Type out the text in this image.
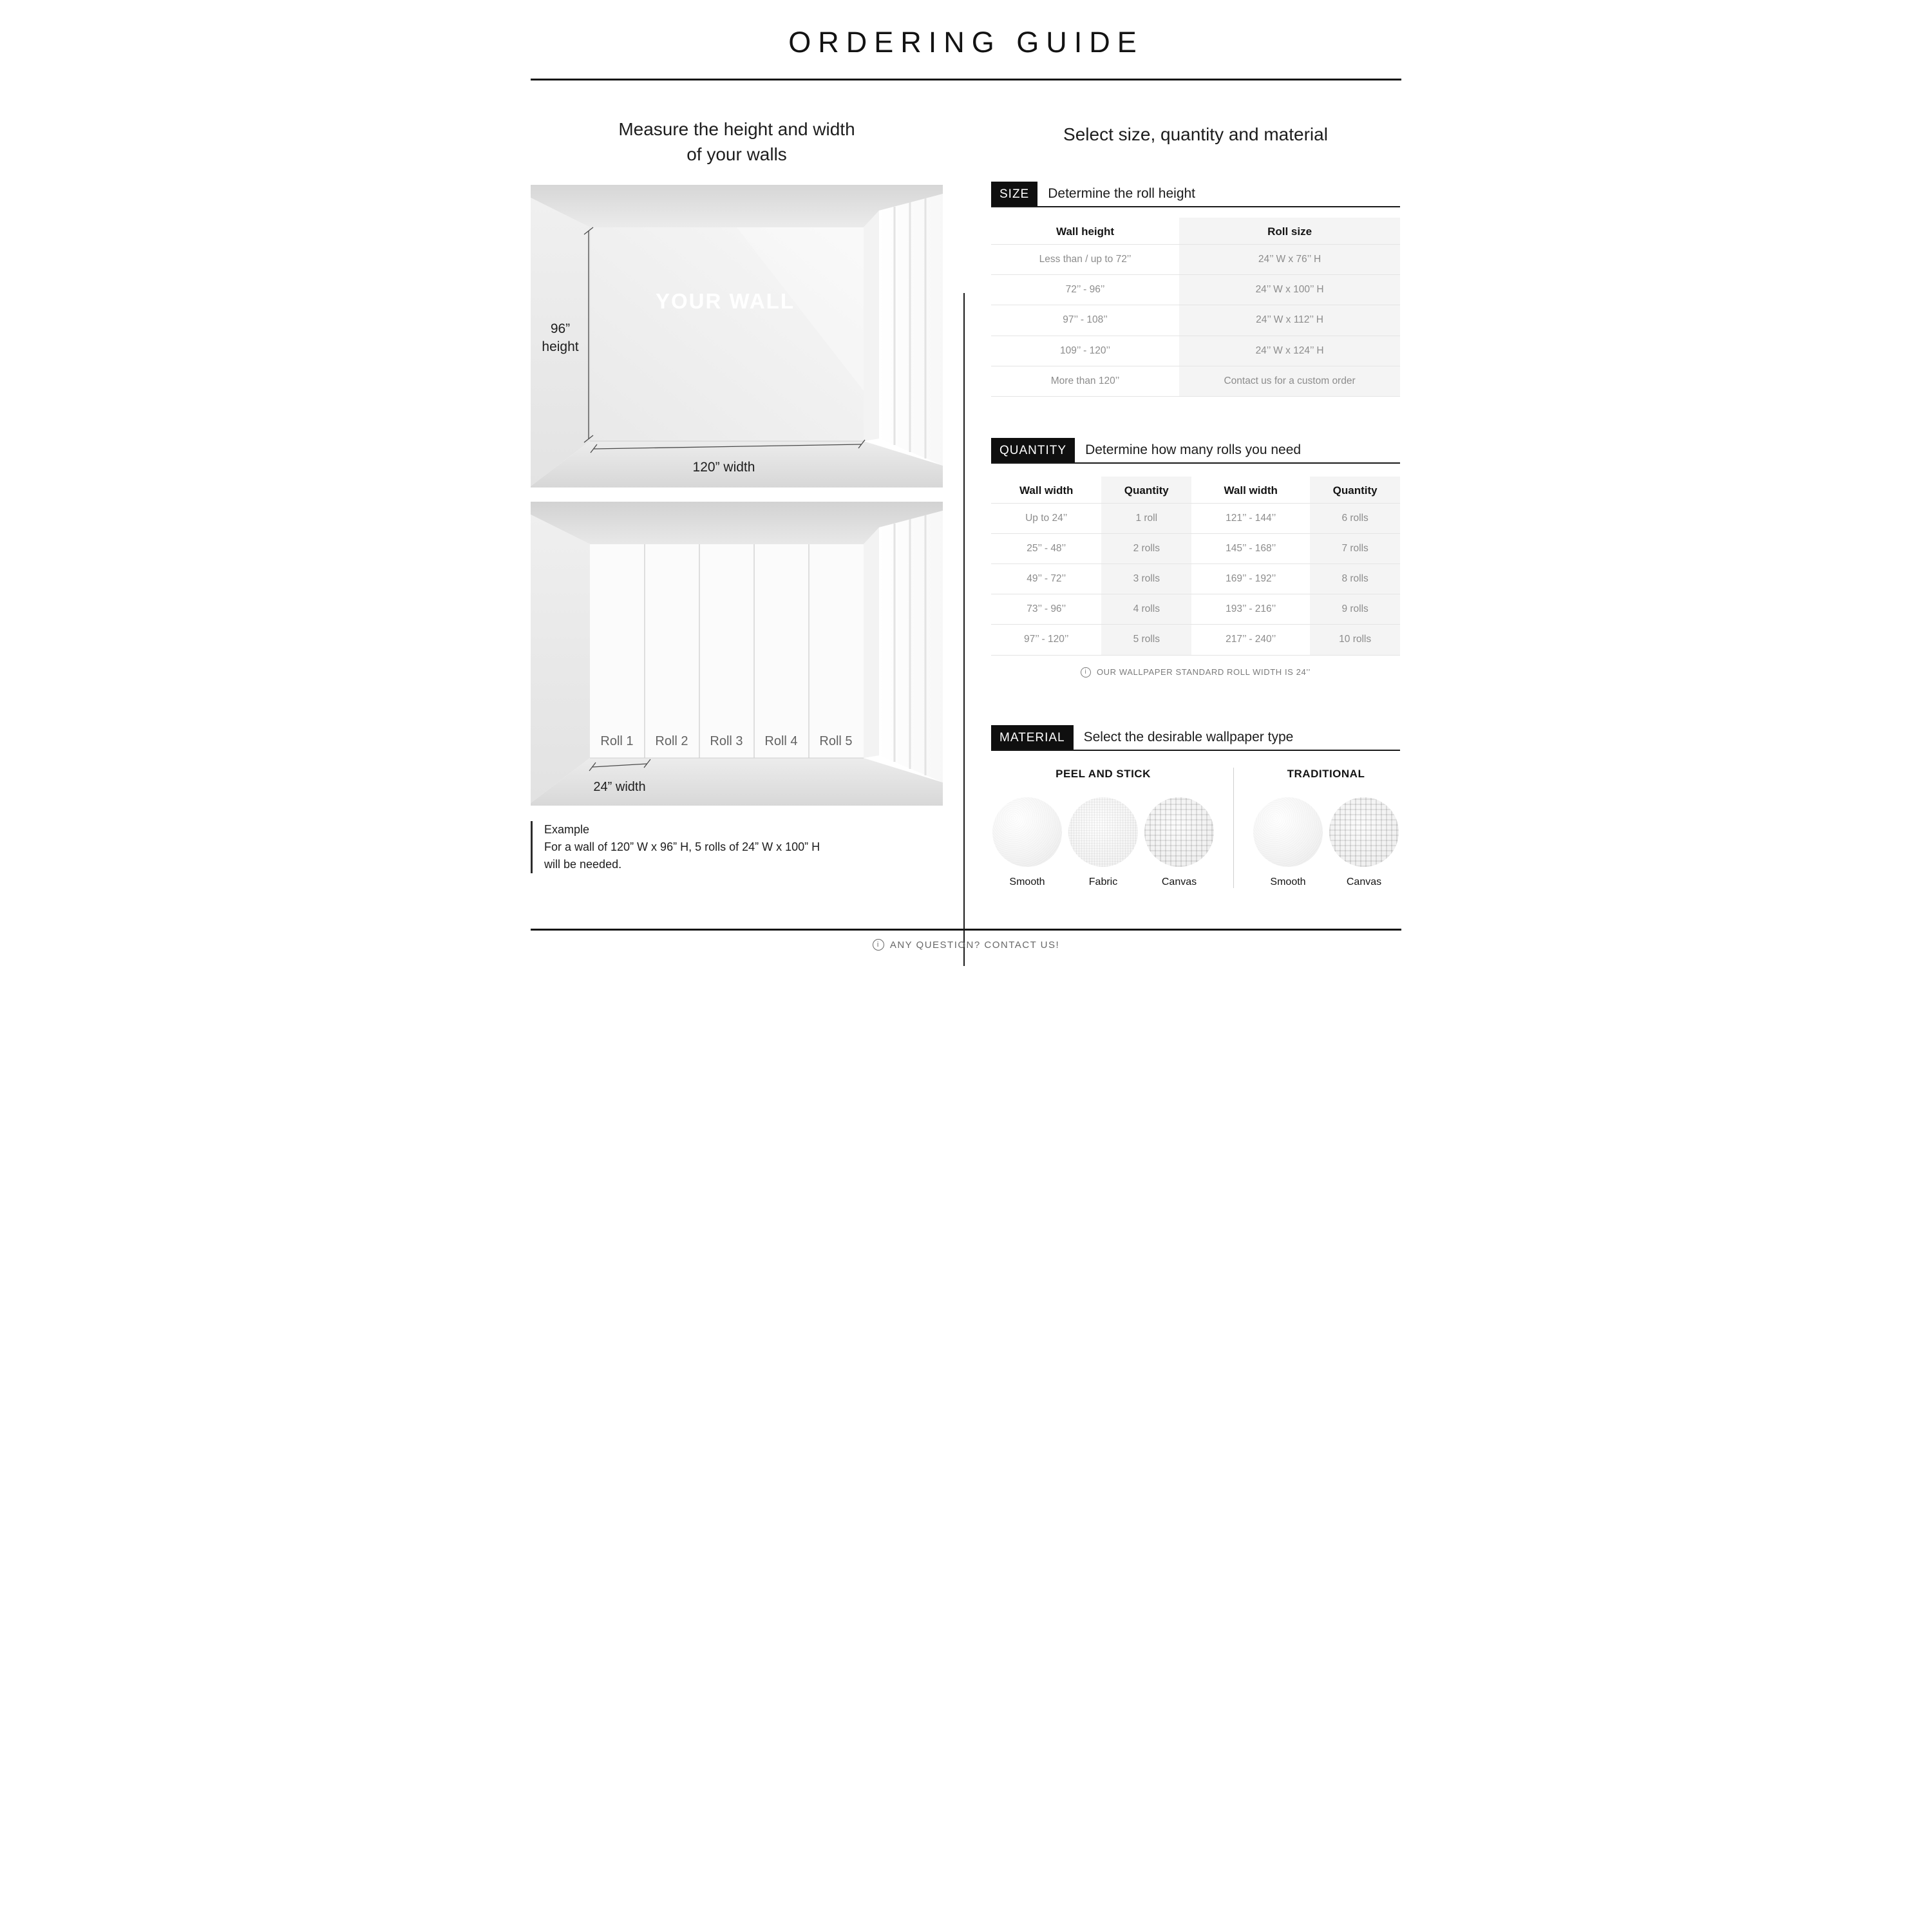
ORDERING GUIDE
Measure the height and width
of your walls
96”
height
YOUR WALL
120” width
Roll 1 Roll 2 Roll 3 Roll 4 Roll 5
24” width
Example
For a wall of 120” W x 96” H, 5 rolls of 24” W x 100” H
will be needed.
Select size, quantity and material
SIZE	Determine the roll height
Wall height	Roll size
Less than / up to 72’’	24’’ W x 76’’ H
72’’ - 96’’	24’’ W x 100’’ H
97’’ - 108’’	24’’ W x 112’’ H
109’’ - 120’’	24’’ W x 124’’ H
More than 120’’	Contact us for a custom order
QUANTITY	Determine how many rolls you need
Wall width	Quantity	Wall width	Quantity
Up to 24’’	1 roll	121’’ - 144’’	6 rolls
25’’ - 48’’	2 rolls	145’’ - 168’’	7 rolls
49’’ - 72’’	3 rolls	169’’ - 192’’	8 rolls
73’’ - 96’’	4 rolls	193’’ - 216’’	9 rolls
97’’ - 120’’	5 rolls	217’’ - 240’’	10 rolls
i	OUR WALLPAPER STANDARD ROLL WIDTH IS 24’’
MATERIAL	Select the desirable wallpaper type
PEEL AND STICK
Smooth	Fabric	Canvas
TRADITIONAL
Smooth	Canvas
i	ANY QUESTION? CONTACT US!
